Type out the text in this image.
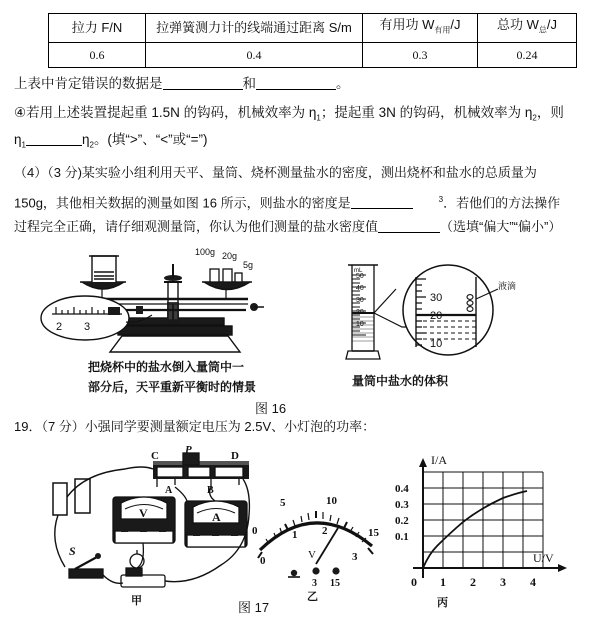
拉力 F/N	拉弹簧测力计的线端通过距离 S/m	有用功 $W_{有用}/J$	总功 $W_总/J$
0.6	0.4	0.3	0.24
上表中肯定错误的数据是	和	。
④若用上述装置提起重 1.5N 的钩码，机械效率为 $\eta_1$；提起重 3N 的钩码，机械效率为 $\eta_2$，则
$\eta_1$	$\eta_2$。(填“>”、“<”或“=”)
（4）（3 分)某实验小组利用天平、量筒、烧杯测量盐水的密度，测出烧杯和盐水的总质量为
150g，其他相关数据的测量如图 16 所示，则盐水的密度是	$^3$．若他们的方法操作
过程完全正确，请仔细观测量筒，你认为他们测量的盐水密度值	（选填“偏大”“偏小”）
2 3
100g 20g
5g
把烧杯中的盐水倒入量筒中一
部分后，天平重新平衡时的情景
mL
50
40
30
20
10
30
20
10
液滴
量筒中盐水的体积
图 16
19．（7 分）小强同学要测量额定电压为 2.5V、小灯泡的功率：
C P	D
A	B
V	A
S
甲
5	10
15
0
0
1 2
3
V
3 15
乙
I/A
U/V
0.4
0.3
0.2
0.1
0 1 2 3 4
丙
图 17
